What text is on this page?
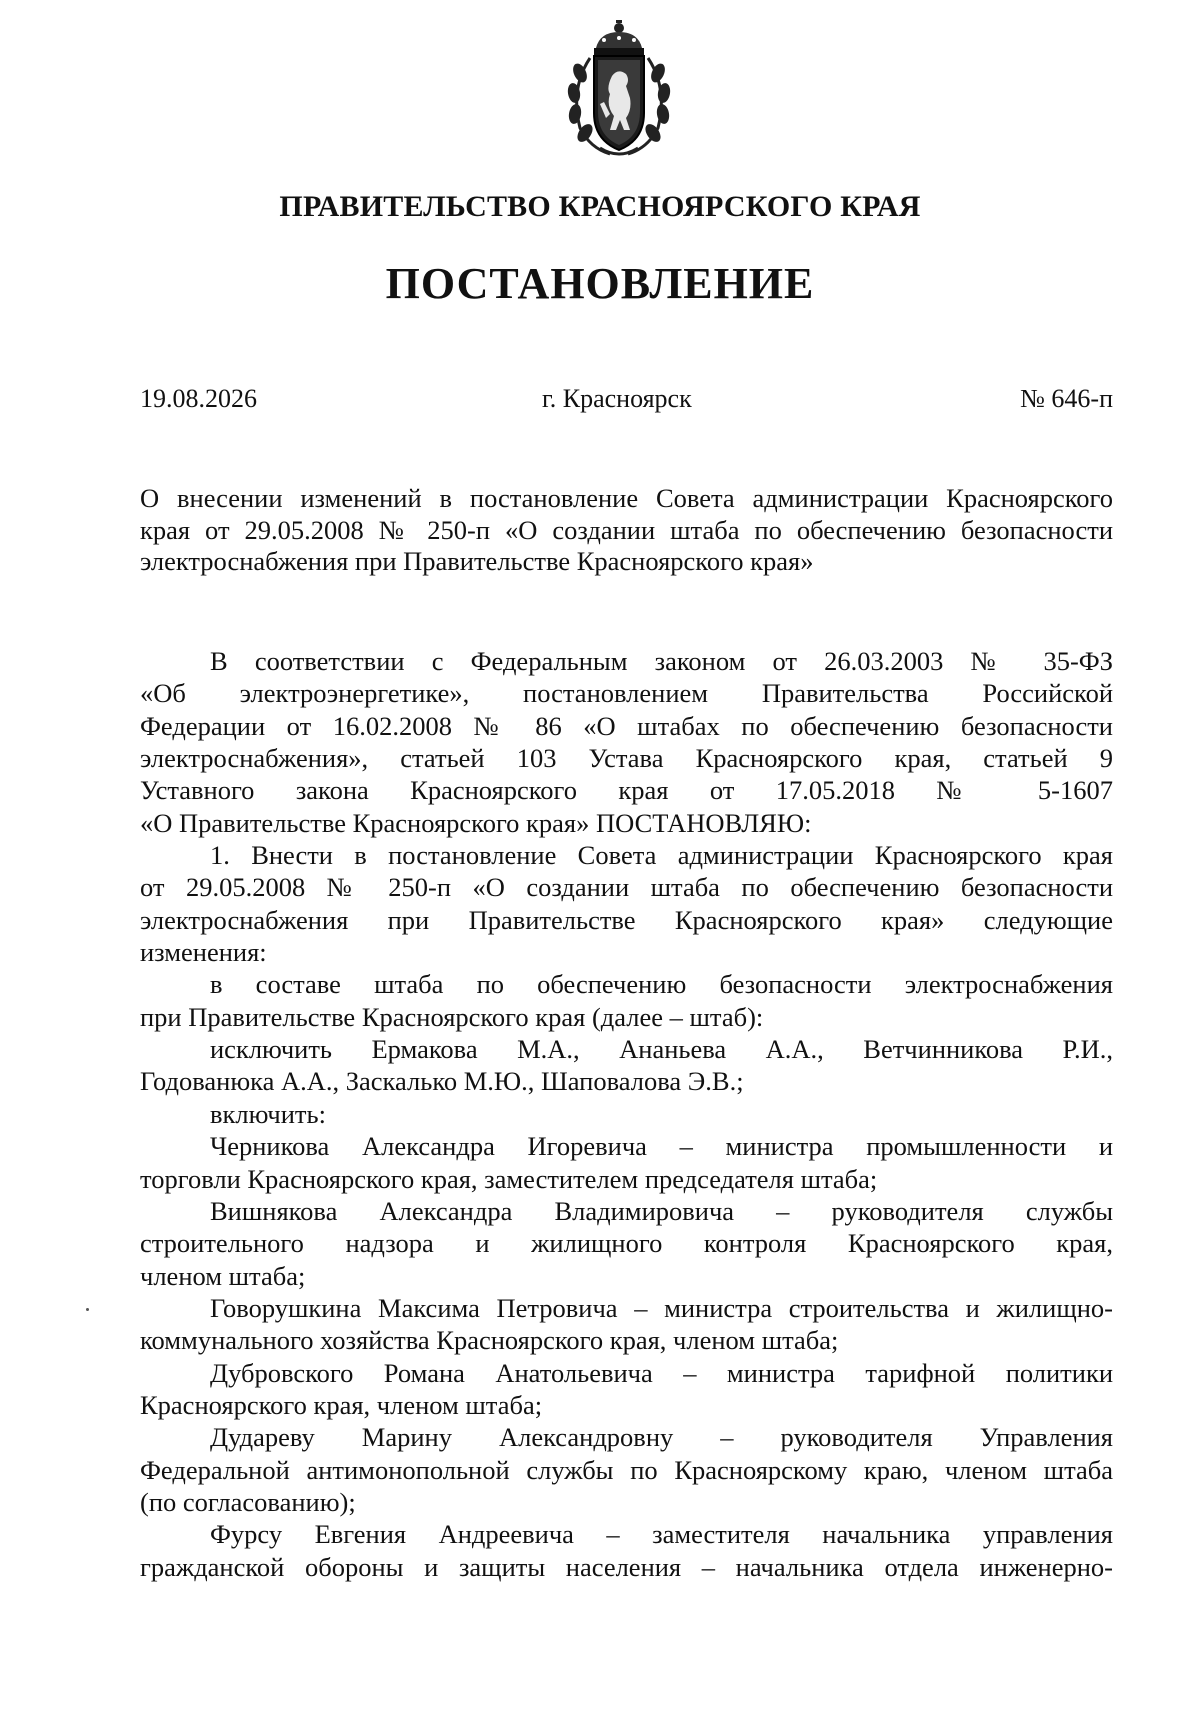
ПРАВИТЕЛЬСТВО КРАСНОЯРСКОГО КРАЯ
ПОСТАНОВЛЕНИЕ
19.08.2026	г. Красноярск	№ 646-п
О внесении изменений в постановление Совета администрации Красноярского
края от 29.05.2008 № 250-п «О создании штаба по обеспечению безопасности
электроснабжения при Правительстве Красноярского края»
В соответствии с Федеральным законом от 26.03.2003 № 35-ФЗ
«Об электроэнергетике», постановлением Правительства Российской
Федерации от 16.02.2008 № 86 «О штабах по обеспечению безопасности
электроснабжения», статьей 103 Устава Красноярского края, статьей 9
Уставного закона Красноярского края от 17.05.2018 № 5-1607
«О Правительстве Красноярского края» ПОСТАНОВЛЯЮ:
1. Внести в постановление Совета администрации Красноярского края
от 29.05.2008 № 250-п «О создании штаба по обеспечению безопасности
электроснабжения при Правительстве Красноярского края» следующие
изменения:
в составе штаба по обеспечению безопасности электроснабжения
при Правительстве Красноярского края (далее – штаб):
исключить Ермакова М.А., Ананьева А.А., Ветчинникова Р.И.,
Годованюка А.А., Заскалько М.Ю., Шаповалова Э.В.;
включить:
Черникова Александра Игоревича – министра промышленности и
торговли Красноярского края, заместителем председателя штаба;
Вишнякова Александра Владимировича – руководителя службы
строительного надзора и жилищного контроля Красноярского края,
членом штаба;
Говорушкина Максима Петровича – министра строительства и жилищно-
коммунального хозяйства Красноярского края, членом штаба;
Дубровского Романа Анатольевича – министра тарифной политики
Красноярского края, членом штаба;
Дудареву Марину Александровну – руководителя Управления
Федеральной антимонопольной службы по Красноярскому краю, членом штаба
(по согласованию);
Фурсу Евгения Андреевича – заместителя начальника управления
гражданской обороны и защиты населения – начальника отдела инженерно-
